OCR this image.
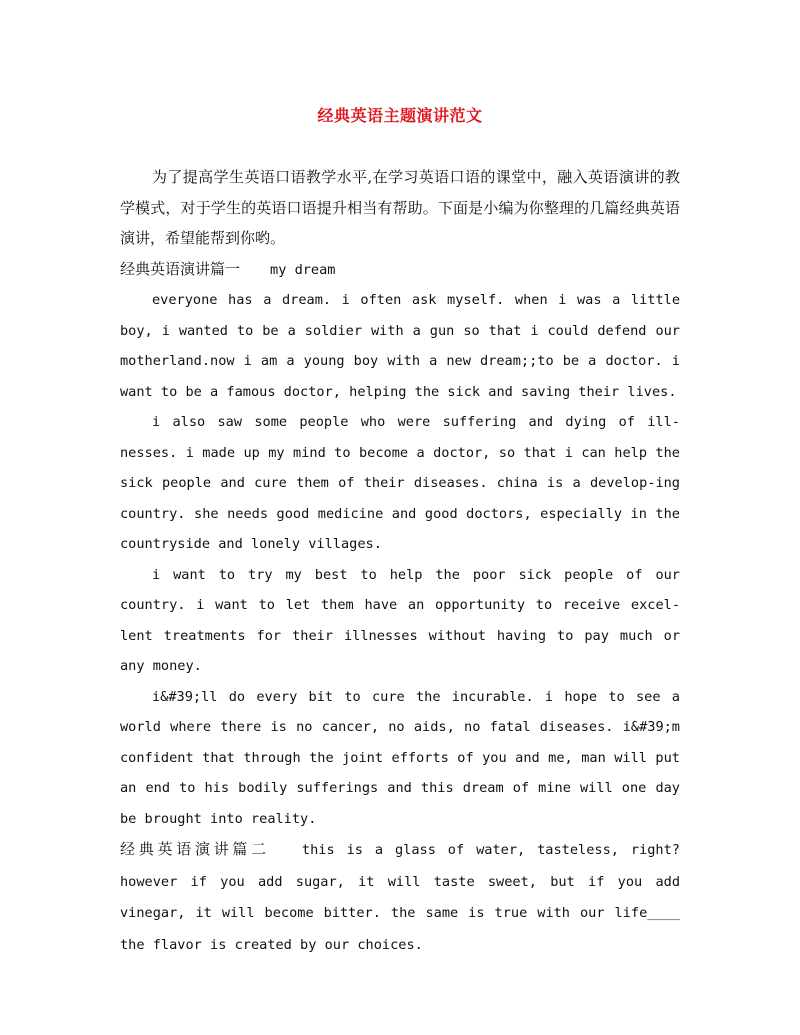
经典英语主题演讲范文

为了提高学生英语口语教学水平,在学习英语口语的课堂中，融入英语演讲的教学模式，对于学生的英语口语提升相当有帮助。下面是小编为你整理的几篇经典英语演讲，希望能帮到你哟。

经典英语演讲篇一 my dream

everyone has a dream. i often ask myself. when i was a little boy, i wanted to be a soldier with a gun so that i could defend our motherland.now i am a young boy with a new dream;;to be a doctor. i want to be a famous doctor, helping the sick and saving their lives.

i also saw some people who were suffering and dying of ill-nesses. i made up my mind to become a doctor, so that i can help the sick people and cure them of their diseases. china is a develop-ing country. she needs good medicine and good doctors, especially in the countryside and lonely villages.

i want to try my best to help the poor sick people of our country. i want to let them have an opportunity to receive excel-lent treatments for their illnesses without having to pay much or any money.

i&#39;ll do every bit to cure the incurable. i hope to see a world where there is no cancer, no aids, no fatal diseases. i&#39;m confident that through the joint efforts of you and me, man will put an end to his bodily sufferings and this dream of mine will one day be brought into reality.

经典英语演讲篇二 this is a glass of water, tasteless, right? however if you add sugar, it will taste sweet, but if you add vinegar, it will become bitter. the same is true with our life____ the flavor is created by our choices.
